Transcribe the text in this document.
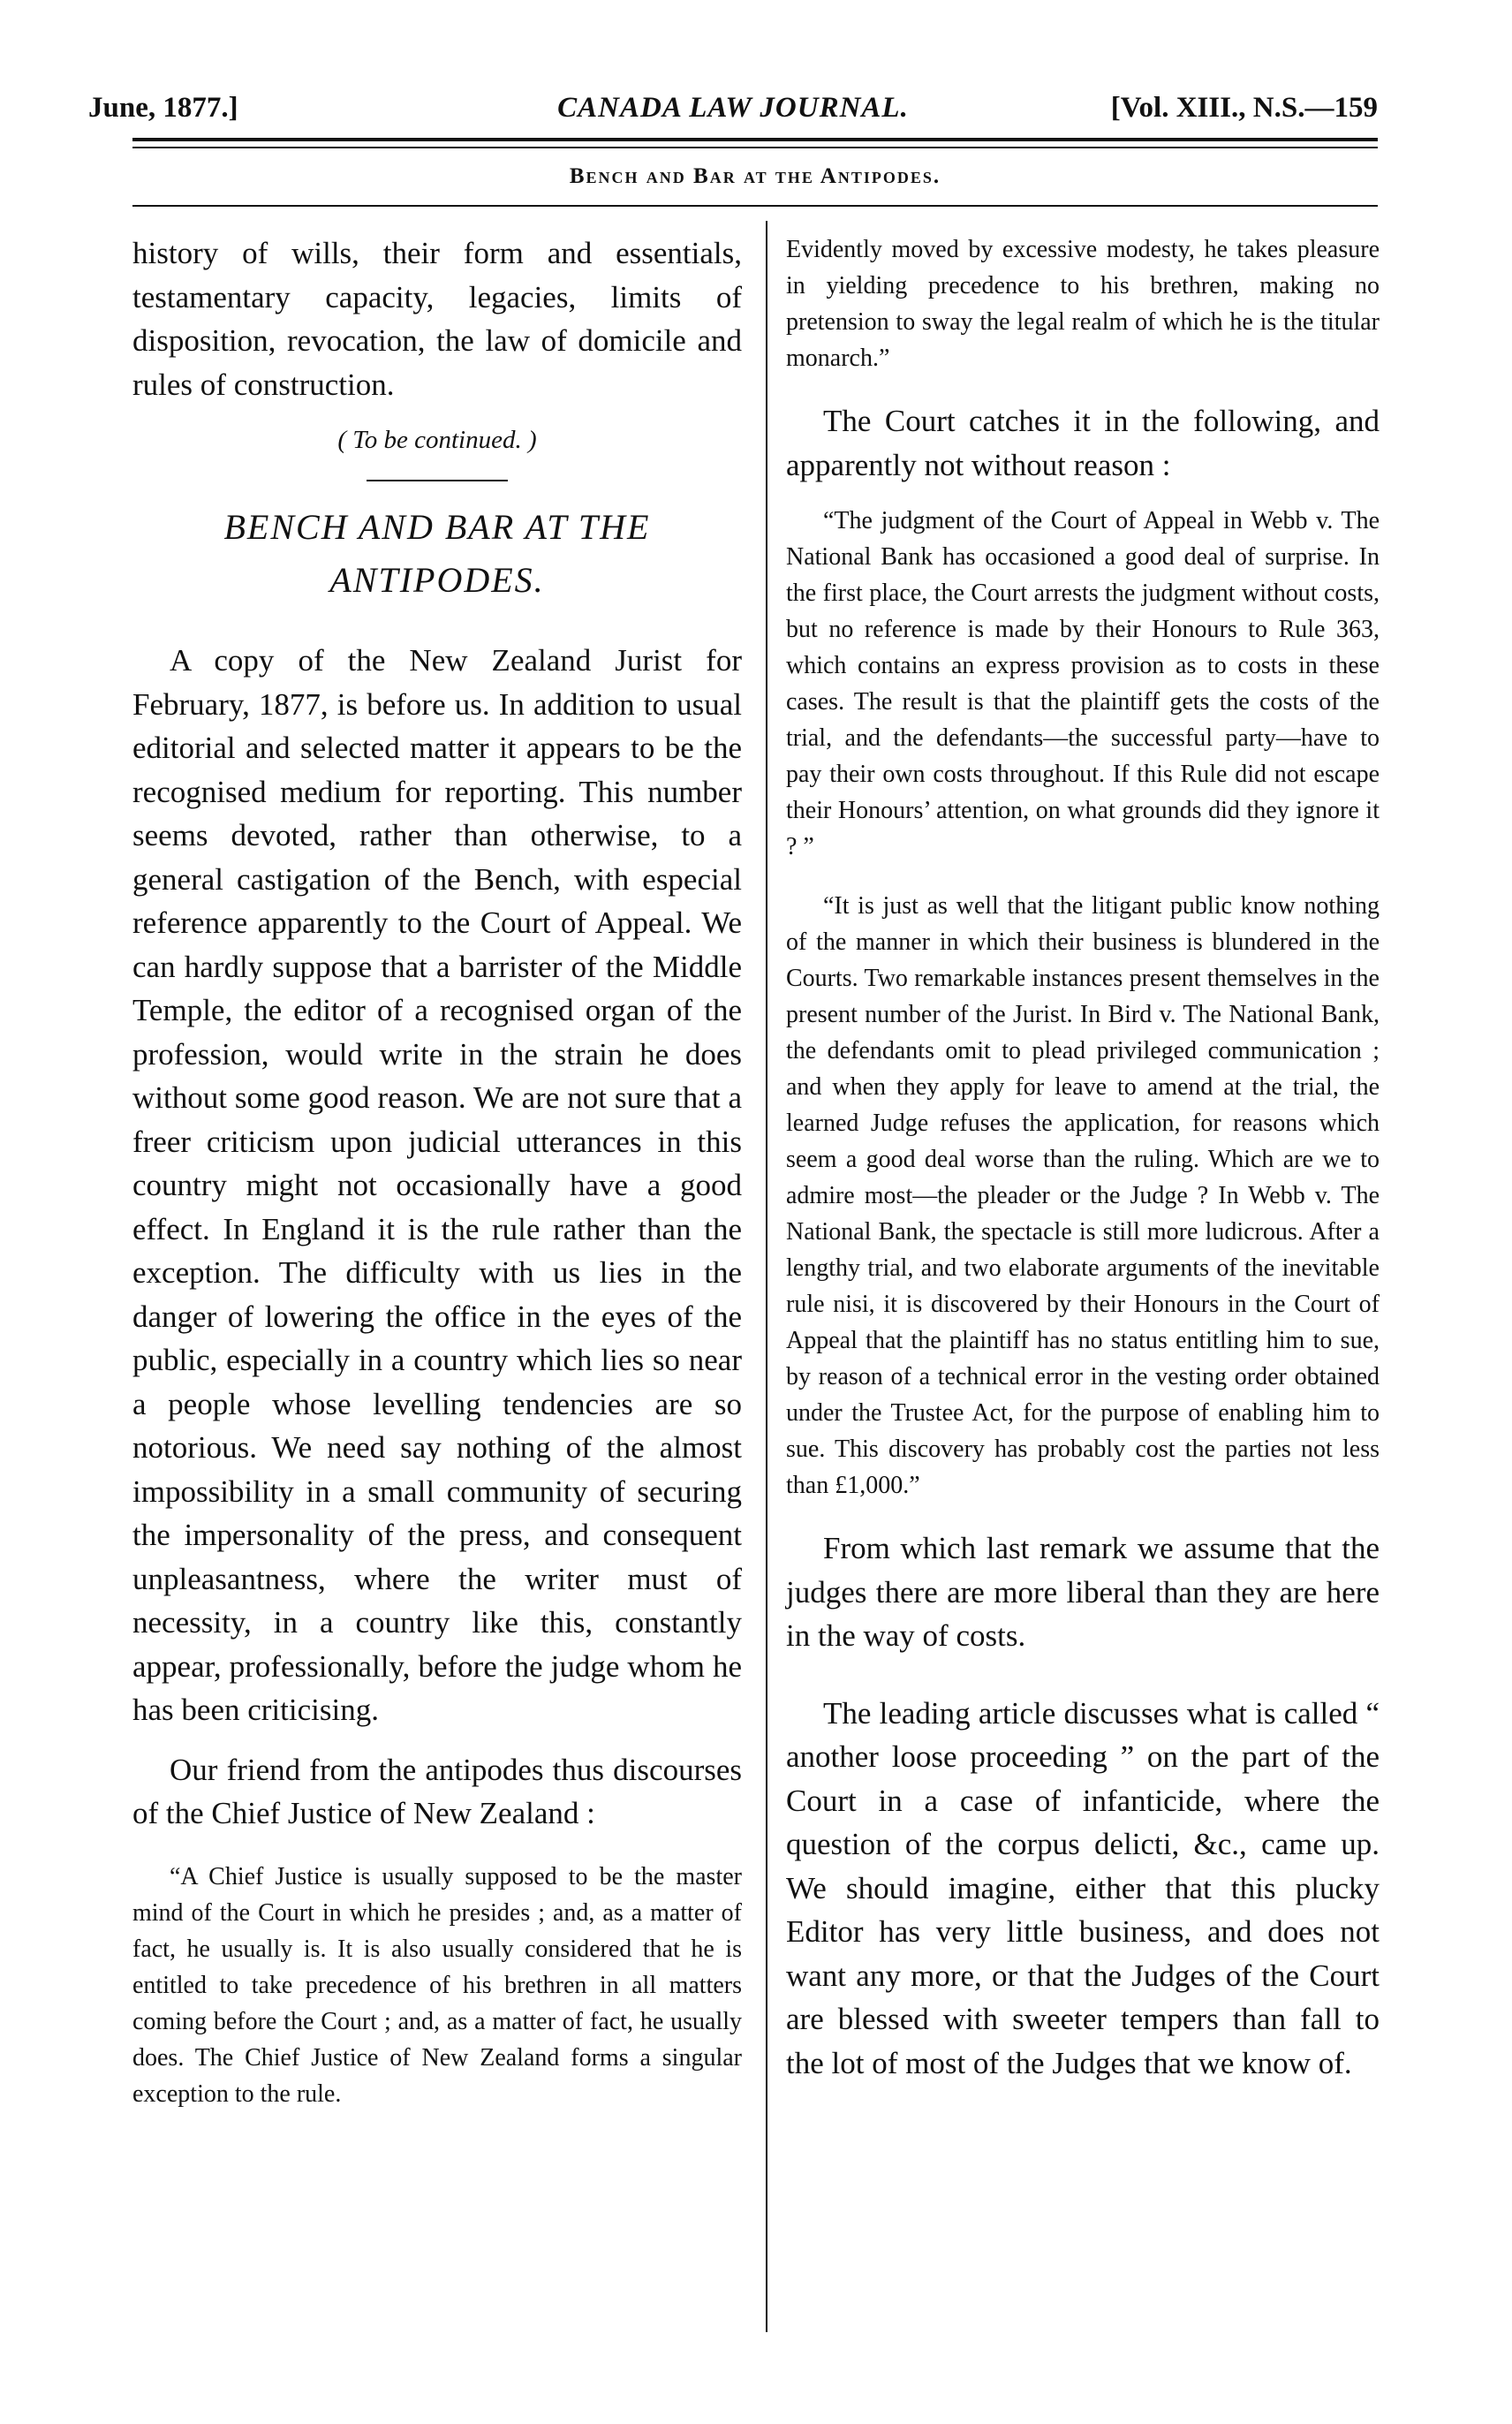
June, 1877.]	CANADA LAW JOURNAL.	[Vol. XIII., N.S.—159
Bench and Bar at the Antipodes.

history of wills, their form and essentials, testamentary capacity, legacies, limits of disposition, revocation, the law of domicile and rules of construction.

( To be continued. )

BENCH AND BAR AT THE
ANTIPODES.

A copy of the New Zealand Jurist for February, 1877, is before us. In addition to usual editorial and selected matter it appears to be the recognised medium for reporting. This number seems devoted, rather than otherwise, to a general castigation of the Bench, with especial reference apparently to the Court of Appeal. We can hardly suppose that a barrister of the Middle Temple, the editor of a recognised organ of the profession, would write in the strain he does without some good reason. We are not sure that a freer criticism upon judicial utterances in this country might not occasionally have a good effect. In England it is the rule rather than the exception. The difficulty with us lies in the danger of lowering the office in the eyes of the public, especially in a country which lies so near a people whose levelling tendencies are so notorious. We need say nothing of the almost impossibility in a small community of securing the impersonality of the press, and consequent unpleasantness, where the writer must of necessity, in a country like this, constantly appear, professionally, before the judge whom he has been criticising.

Our friend from the antipodes thus discourses of the Chief Justice of New Zealand :

“A Chief Justice is usually supposed to be the master mind of the Court in which he presides ; and, as a matter of fact, he usually is. It is also usually considered that he is entitled to take precedence of his brethren in all matters coming before the Court ; and, as a matter of fact, he usually does. The Chief Justice of New Zealand forms a singular exception to the rule.

Evidently moved by excessive modesty, he takes pleasure in yielding precedence to his brethren, making no pretension to sway the legal realm of which he is the titular monarch.”

The Court catches it in the following, and apparently not without reason :

“The judgment of the Court of Appeal in Webb v. The National Bank has occasioned a good deal of surprise. In the first place, the Court arrests the judgment without costs, but no reference is made by their Honours to Rule 363, which contains an express provision as to costs in these cases. The result is that the plaintiff gets the costs of the trial, and the defendants—the successful party—have to pay their own costs throughout. If this Rule did not escape their Honours’ attention, on what grounds did they ignore it ? ”

“It is just as well that the litigant public know nothing of the manner in which their business is blundered in the Courts. Two remarkable instances present themselves in the present number of the Jurist. In Bird v. The National Bank, the defendants omit to plead privileged communication ; and when they apply for leave to amend at the trial, the learned Judge refuses the application, for reasons which seem a good deal worse than the ruling. Which are we to admire most—the pleader or the Judge ? In Webb v. The National Bank, the spectacle is still more ludicrous. After a lengthy trial, and two elaborate arguments of the inevitable rule nisi, it is discovered by their Honours in the Court of Appeal that the plaintiff has no status entitling him to sue, by reason of a technical error in the vesting order obtained under the Trustee Act, for the purpose of enabling him to sue. This discovery has probably cost the parties not less than £1,000.”

From which last remark we assume that the judges there are more liberal than they are here in the way of costs.

The leading article discusses what is called “ another loose proceeding ” on the part of the Court in a case of infanticide, where the question of the corpus delicti, &c., came up. We should imagine, either that this plucky Editor has very little business, and does not want any more, or that the Judges of the Court are blessed with sweeter tempers than fall to the lot of most of the Judges that we know of.
